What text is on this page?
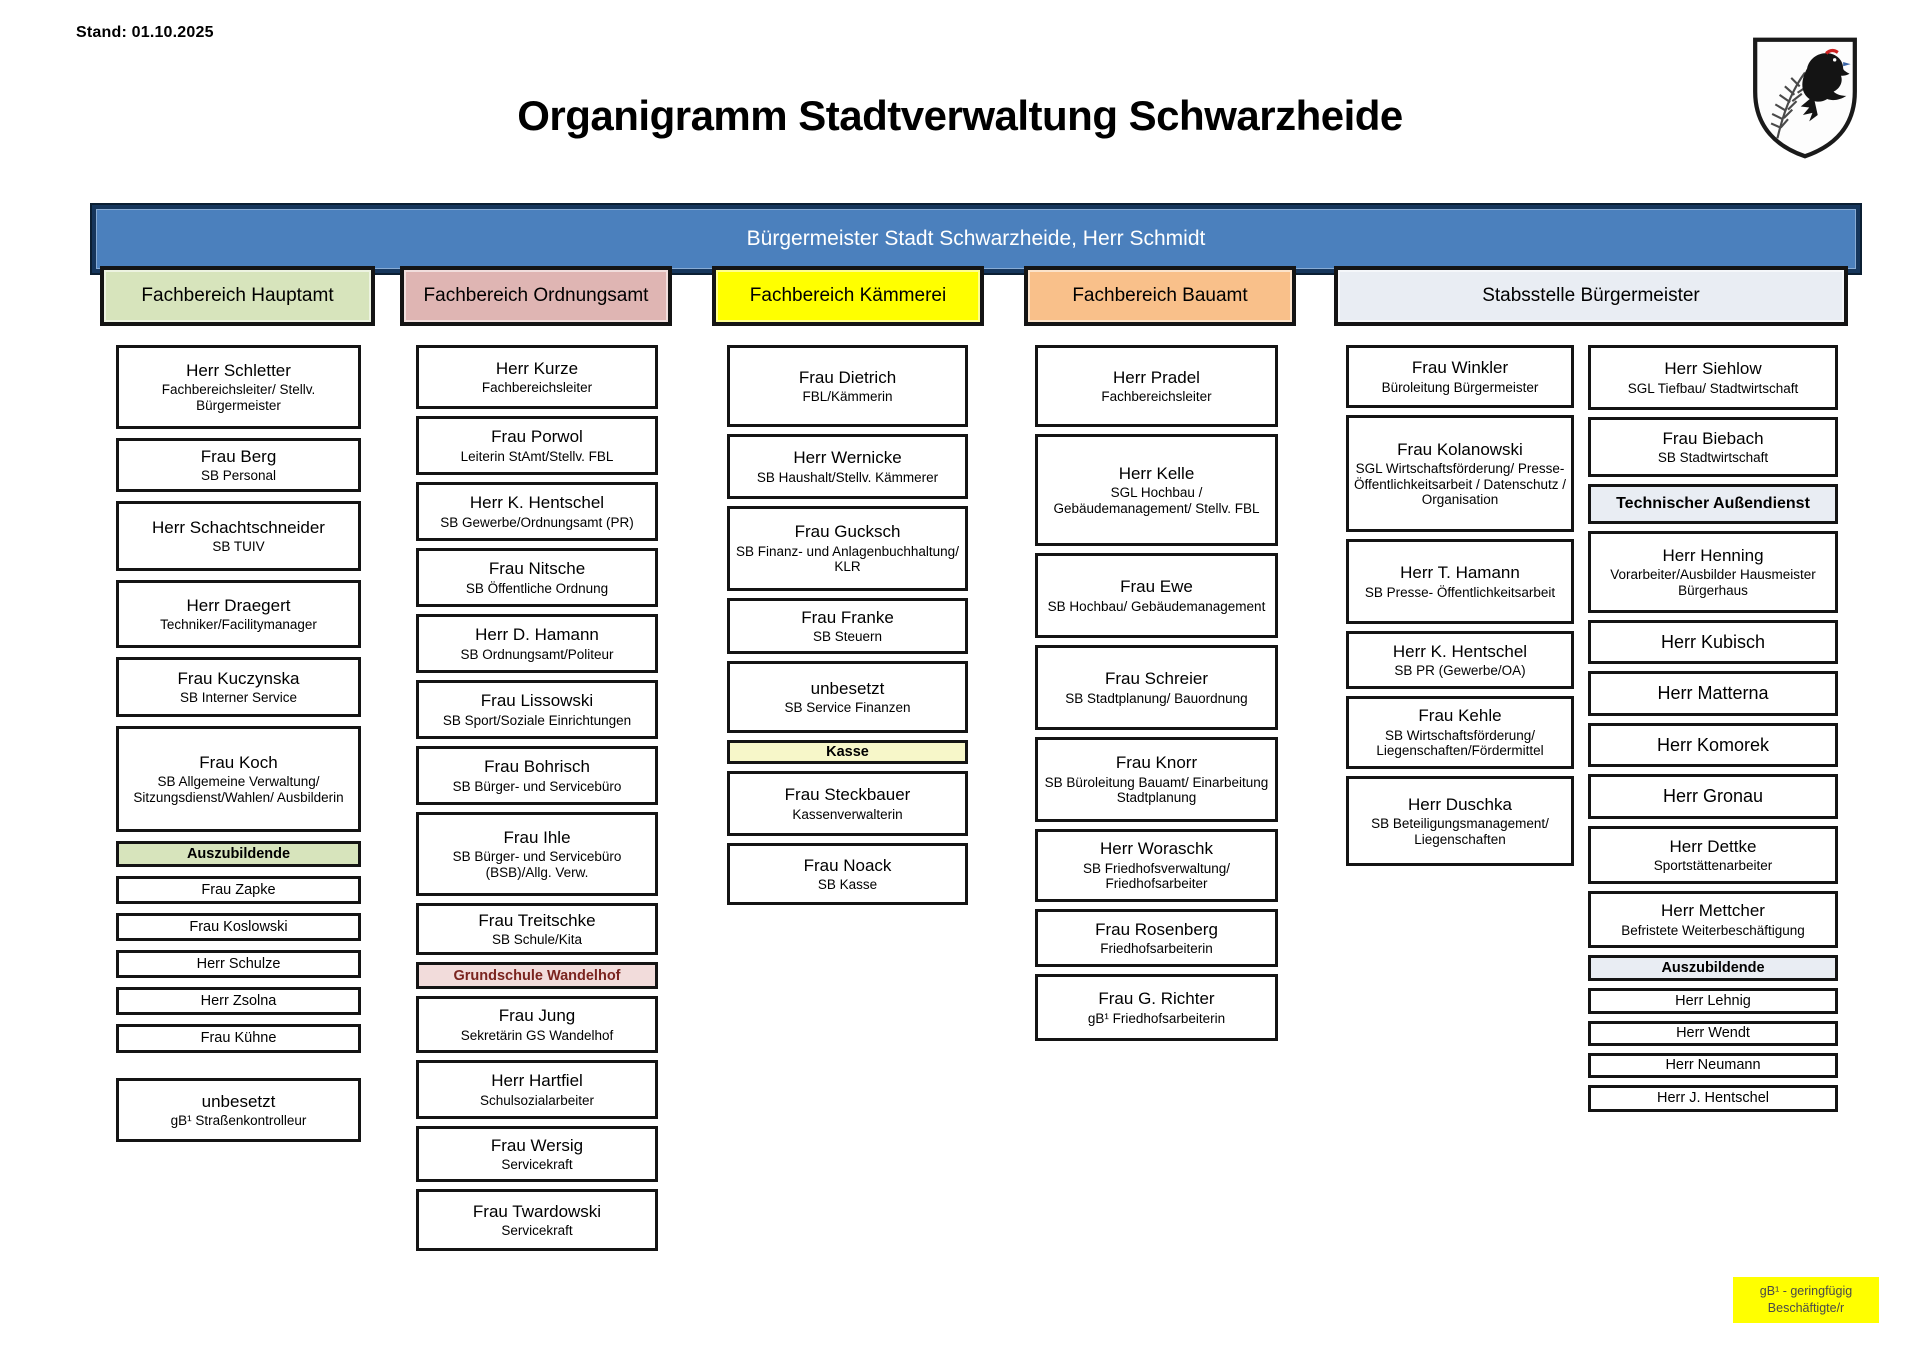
Stand: 01.10.2025
Organigramm Stadtverwaltung Schwarzheide
Bürgermeister Stadt Schwarzheide, Herr Schmidt
Fachbereich Hauptamt	Fachbereich Ordnungsamt	Fachbereich Kämmerei	Fachbereich Bauamt	Stabsstelle Bürgermeister
Herr Schletter
Fachbereichsleiter/ Stellv. Bürgermeister
Frau Berg
SB Personal
Herr Schachtschneider
SB TUIV
Herr Draegert
Techniker/Facilitymanager
Frau Kuczynska
SB Interner Service
Frau Koch
SB Allgemeine Verwaltung/ Sitzungsdienst/Wahlen/ Ausbilderin
Auszubildende
Frau Zapke
Frau Koslowski
Herr Schulze
Herr Zsolna
Frau Kühne
unbesetzt
gB¹ Straßenkontrolleur
Herr Kurze
Fachbereichsleiter
Frau Porwol
Leiterin StAmt/Stellv. FBL
Herr K. Hentschel
SB Gewerbe/Ordnungsamt (PR)
Frau Nitsche
SB Öffentliche Ordnung
Herr D. Hamann
SB Ordnungsamt/Politeur
Frau Lissowski
SB Sport/Soziale Einrichtungen
Frau Bohrisch
SB Bürger- und Servicebüro
Frau Ihle
SB Bürger- und Servicebüro (BSB)/Allg. Verw.
Frau Treitschke
SB Schule/Kita
Grundschule Wandelhof
Frau Jung
Sekretärin GS Wandelhof
Herr Hartfiel
Schulsozialarbeiter
Frau Wersig
Servicekraft
Frau Twardowski
Servicekraft
Frau Dietrich
FBL/Kämmerin
Herr Wernicke
SB Haushalt/Stellv. Kämmerer
Frau Gucksch
SB Finanz- und Anlagenbuchhaltung/ KLR
Frau Franke
SB Steuern
unbesetzt
SB Service Finanzen
Kasse
Frau Steckbauer
Kassenverwalterin
Frau Noack
SB Kasse
Herr Pradel
Fachbereichsleiter
Herr Kelle
SGL Hochbau / Gebäudemanagement/ Stellv. FBL
Frau Ewe
SB Hochbau/ Gebäudemanagement
Frau Schreier
SB Stadtplanung/ Bauordnung
Frau Knorr
SB Büroleitung Bauamt/ Einarbeitung Stadtplanung
Herr Woraschk
SB Friedhofsverwaltung/ Friedhofsarbeiter
Frau Rosenberg
Friedhofsarbeiterin
Frau G. Richter
gB¹ Friedhofsarbeiterin
Frau Winkler
Büroleitung Bürgermeister
Frau Kolanowski
SGL Wirtschaftsförderung/ Presse-Öffentlichkeitsarbeit / Datenschutz / Organisation
Herr T. Hamann
SB Presse- Öffentlichkeitsarbeit
Herr K. Hentschel
SB PR (Gewerbe/OA)
Frau Kehle
SB Wirtschaftsförderung/ Liegenschaften/Fördermittel
Herr Duschka
SB Beteiligungsmanagement/ Liegenschaften
Herr Siehlow
SGL Tiefbau/ Stadtwirtschaft
Frau Biebach
SB Stadtwirtschaft
Technischer Außendienst
Herr Henning
Vorarbeiter/Ausbilder Hausmeister Bürgerhaus
Herr Kubisch
Herr Matterna
Herr Komorek
Herr Gronau
Herr Dettke
Sportstättenarbeiter
Herr Mettcher
Befristete Weiterbeschäftigung
Auszubildende
Herr Lehnig
Herr Wendt
Herr Neumann
Herr J. Hentschel
gB¹ - geringfügig
Beschäftigte/r
